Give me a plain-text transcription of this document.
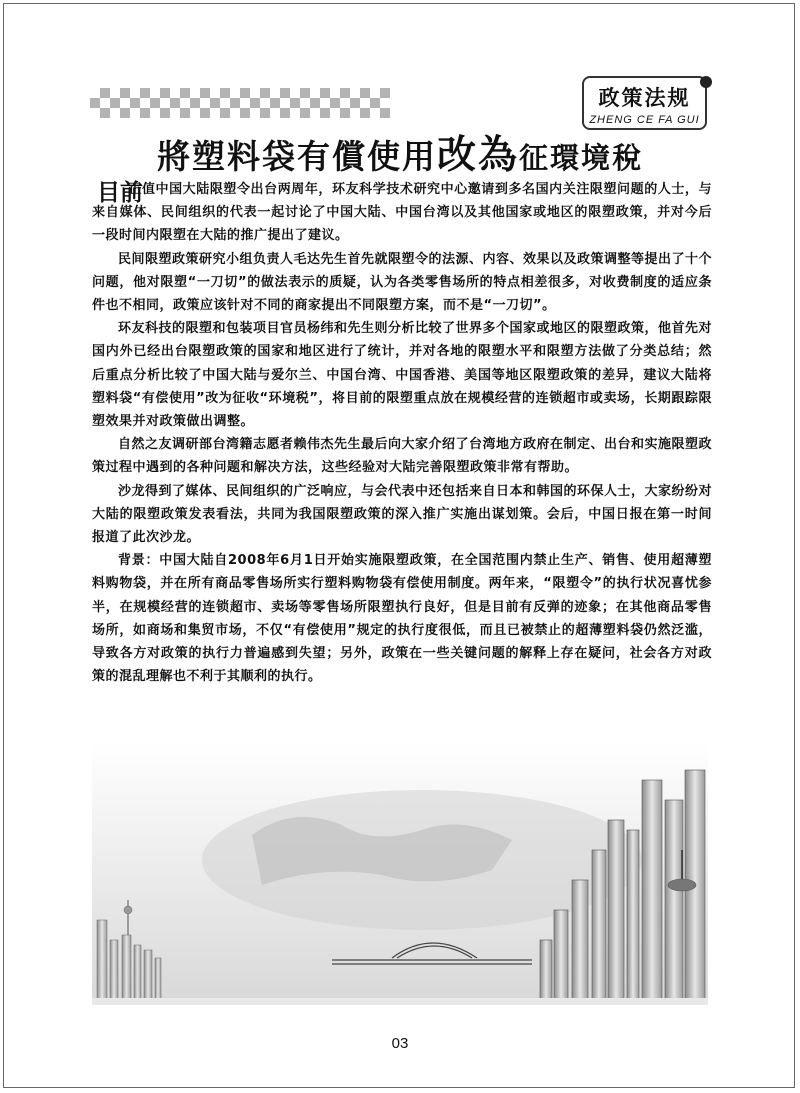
政策法规
ZHENG CE FA GUI
將塑料袋有償使用改為征環境稅
目前

正值中国大陆限塑令出台两周年，环友科学技术研究中心邀请到多名国内关注限塑问题的人士，与来自媒体、民间组织的代表一起讨论了中国大陆、中国台湾以及其他国家或地区的限塑政策，并对今后一段时间内限塑在大陆的推广提出了建议。

民间限塑政策研究小组负责人毛达先生首先就限塑令的法源、内容、效果以及政策调整等提出了十个问题，他对限塑“一刀切”的做法表示的质疑，认为各类零售场所的特点相差很多，对收费制度的适应条件也不相同，政策应该针对不同的商家提出不同限塑方案，而不是“一刀切”。

环友科技的限塑和包装项目官员杨纬和先生则分析比较了世界多个国家或地区的限塑政策，他首先对国内外已经出台限塑政策的国家和地区进行了统计，并对各地的限塑水平和限塑方法做了分类总结；然后重点分析比较了中国大陆与爱尔兰、中国台湾、中国香港、美国等地区限塑政策的差异，建议大陆将塑料袋“有偿使用”改为征收“环境税”，将目前的限塑重点放在规模经营的连锁超市或卖场，长期跟踪限塑效果并对政策做出调整。

自然之友调研部台湾籍志愿者赖伟杰先生最后向大家介绍了台湾地方政府在制定、出台和实施限塑政策过程中遇到的各种问题和解决方法，这些经验对大陆完善限塑政策非常有帮助。

沙龙得到了媒体、民间组织的广泛响应，与会代表中还包括来自日本和韩国的环保人士，大家纷纷对大陆的限塑政策发表看法，共同为我国限塑政策的深入推广实施出谋划策。会后，中国日报在第一时间报道了此次沙龙。

背景：中国大陆自2008年6月1日开始实施限塑政策，在全国范围内禁止生产、销售、使用超薄塑料购物袋，并在所有商品零售场所实行塑料购物袋有偿使用制度。两年来，“限塑令”的执行状况喜忧参半，在规模经营的连锁超市、卖场等零售场所限塑执行良好，但是目前有反弹的迹象；在其他商品零售场所，如商场和集贸市场，不仅“有偿使用”规定的执行度很低，而且已被禁止的超薄塑料袋仍然泛滥，导致各方对政策的执行力普遍感到失望；另外，政策在一些关键问题的解释上存在疑问，社会各方对政策的混乱理解也不利于其顺利的执行。

03
